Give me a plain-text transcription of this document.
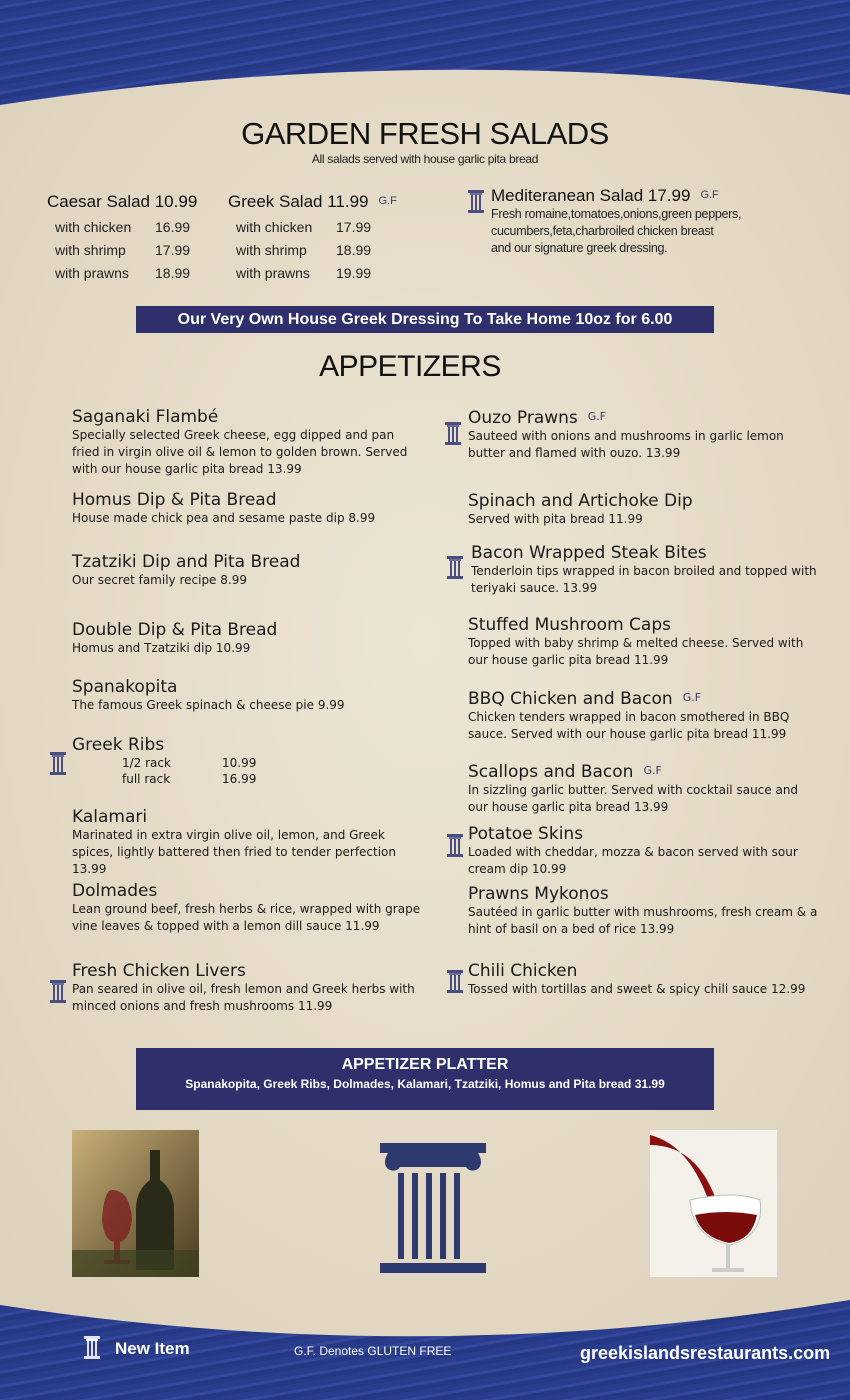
GARDEN FRESH SALADS
All salads served with house garlic pita bread
Caesar Salad 10.99
with chicken	16.99
with shrimp	17.99
with prawns	18.99
Greek Salad 11.99 G.F
with chicken	17.99
with shrimp	18.99
with prawns	19.99
Mediteranean Salad 17.99 G.F
Fresh romaine,tomatoes,onions,green peppers,
cucumbers,feta,charbroiled chicken breast
and our signature greek dressing.
Our Very Own House Greek Dressing To Take Home 10oz for 6.00
APPETIZERS
Saganaki Flambé
Specially selected Greek cheese, egg dipped and pan fried in virgin olive oil & lemon to golden brown. Served with our house garlic pita bread 13.99
Homus Dip & Pita Bread
House made chick pea and sesame paste dip 8.99
Tzatziki Dip and Pita Bread
Our secret family recipe 8.99
Double Dip & Pita Bread
Homus and Tzatziki dip 10.99
Spanakopita
The famous Greek spinach & cheese pie 9.99
Greek Ribs
1/2 rack	10.99
full rack	16.99
Kalamari
Marinated in extra virgin olive oil, lemon, and Greek spices, lightly battered then fried to tender perfection 13.99
Dolmades
Lean ground beef, fresh herbs & rice, wrapped with grape vine leaves & topped with a lemon dill sauce 11.99
Fresh Chicken Livers
Pan seared in olive oil, fresh lemon and Greek herbs with minced onions and fresh mushrooms 11.99
Ouzo Prawns G.F
Sauteed with onions and mushrooms in garlic lemon butter and flamed with ouzo. 13.99
Spinach and Artichoke Dip
Served with pita bread 11.99
Bacon Wrapped Steak Bites
Tenderloin tips wrapped in bacon broiled and topped with teriyaki sauce. 13.99
Stuffed Mushroom Caps
Topped with baby shrimp & melted cheese. Served with our house garlic pita bread 11.99
BBQ Chicken and Bacon G.F
Chicken tenders wrapped in bacon smothered in BBQ sauce. Served with our house garlic pita bread 11.99
Scallops and Bacon G.F
In sizzling garlic butter. Served with cocktail sauce and our house garlic pita bread 13.99
Potatoe Skins
Loaded with cheddar, mozza & bacon served with sour cream dip 10.99
Prawns Mykonos
Sautéed in garlic butter with mushrooms, fresh cream & a hint of basil on a bed of rice 13.99
Chili Chicken
Tossed with tortillas and sweet & spicy chili sauce 12.99
APPETIZER PLATTER
Spanakopita, Greek Ribs, Dolmades, Kalamari, Tzatziki, Homus and Pita bread 31.99
New Item	G.F. Denotes GLUTEN FREE	greekislandsrestaurants.com
